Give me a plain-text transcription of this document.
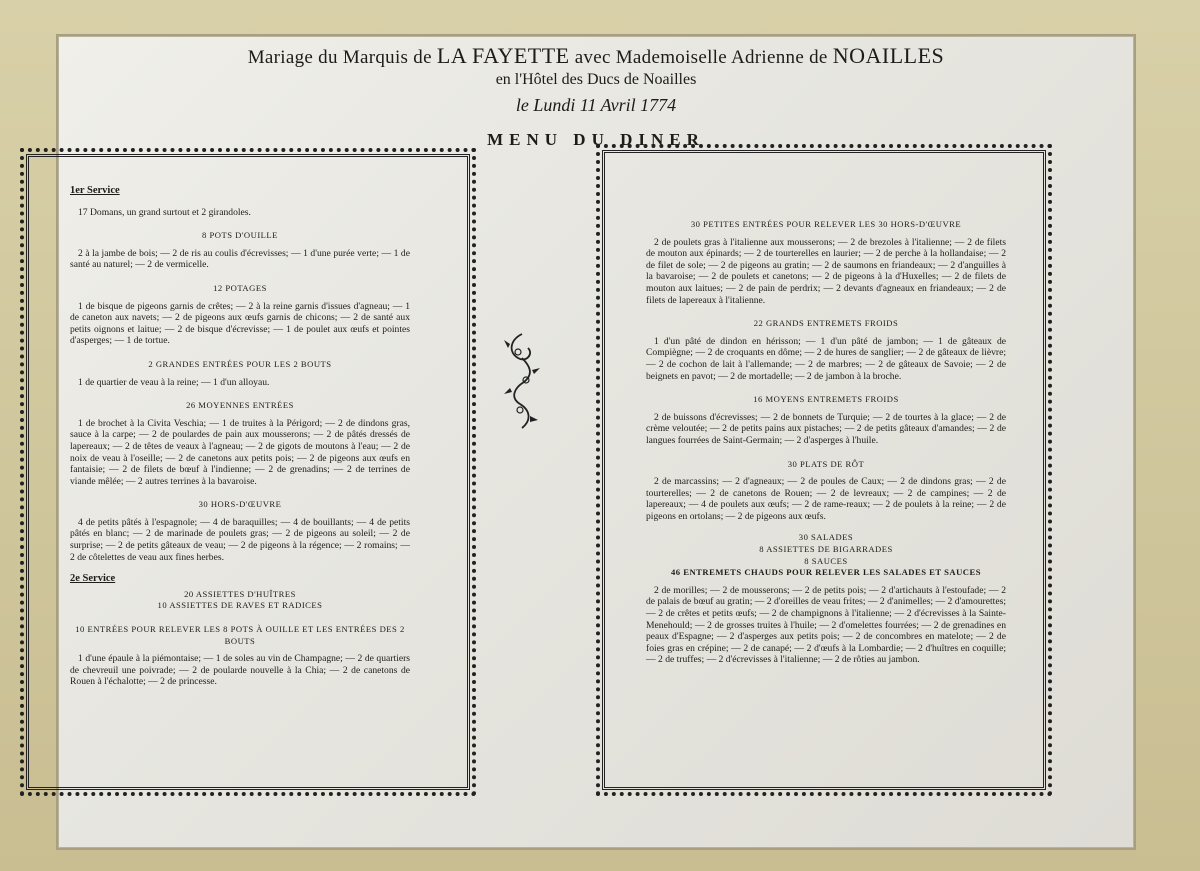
Mariage du Marquis de LA FAYETTE avec Mademoiselle Adrienne de NOAILLES

en l'Hôtel des Ducs de Noailles

le Lundi 11 Avril 1774

MENU DU DINER

1er Service

17 Domans, un grand surtout et 2 girandoles.

8 POTS D'OUILLE

2 à la jambe de bois; — 2 de ris au coulis d'écrevisses; — 1 d'une purée verte; — 1 de santé au naturel; — 2 de vermicelle.

12 POTAGES

1 de bisque de pigeons garnis de crêtes; — 2 à la reine garnis d'issues d'agneau; — 1 de caneton aux navets; — 2 de pigeons aux œufs garnis de chicons; — 2 de santé aux petits oignons et laitue; — 2 de bisque d'écrevisse; — 1 de poulet aux œufs et pointes d'asperges; — 1 de tortue.

2 GRANDES ENTRÉES POUR LES 2 BOUTS

1 de quartier de veau à la reine; — 1 d'un alloyau.

26 MOYENNES ENTRÉES

1 de brochet à la Civita Veschia; — 1 de truites à la Périgord; — 2 de dindons gras, sauce à la carpe; — 2 de poulardes de pain aux mousserons; — 2 de pâtés dressés de lapereaux; — 2 de têtes de veaux à l'agneau; — 2 de gigots de moutons à l'eau; — 2 de noix de veau à l'oseille; — 2 de canetons aux petits pois; — 2 de pigeons aux œufs en fantaisie; — 2 de filets de bœuf à l'indienne; — 2 de grenadins; — 2 de terrines de viande mêlée; — 2 autres terrines à la bavaroise.

30 HORS-D'ŒUVRE

4 de petits pâtés à l'espagnole; — 4 de baraquilles; — 4 de bouillants; — 4 de petits pâtés en blanc; — 2 de marinade de poulets gras; — 2 de pigeons au soleil; — 2 de surprise; — 2 de petits gâteaux de veau; — 2 de pigeons à la régence; — 2 romains; — 2 de côtelettes de veau aux fines herbes.

2e Service

20 ASSIETTES D'HUÎTRES

10 ASSIETTES DE RAVES ET RADICES

10 ENTRÉES POUR RELEVER LES 8 POTS À OUILLE ET LES ENTRÉES DES 2 BOUTS

1 d'une épaule à la piémontaise; — 1 de soles au vin de Champagne; — 2 de quartiers de chevreuil une poivrade; — 2 de poularde nouvelle à la Chia; — 2 de canetons de Rouen à l'échalotte; — 2 de princesse.

30 PETITES ENTRÉES POUR RELEVER LES 30 HORS-D'ŒUVRE

2 de poulets gras à l'italienne aux mousserons; — 2 de brezoles à l'italienne; — 2 de filets de mouton aux épinards; — 2 de tourterelles en laurier; — 2 de perche à la hollandaise; — 2 de filet de sole; — 2 de pigeons au gratin; — 2 de saumons en friandeaux; — 2 d'anguilles à la bavaroise; — 2 de poulets et canetons; — 2 de pigeons à la d'Huxelles; — 2 de filets de mouton aux laitues; — 2 de pain de perdrix; — 2 devants d'agneaux en friandeaux; — 2 de filets de lapereaux à l'italienne.

22 GRANDS ENTREMETS FROIDS

1 d'un pâté de dindon en hérisson; — 1 d'un pâté de jambon; — 1 de gâteaux de Compiègne; — 2 de croquants en dôme; — 2 de hures de sanglier; — 2 de gâteaux de lièvre; — 2 de cochon de lait à l'allemande; — 2 de marbres; — 2 de gâteaux de Savoie; — 2 de beignets en pavot; — 2 de mortadelle; — 2 de jambon à la broche.

16 MOYENS ENTREMETS FROIDS

2 de buissons d'écrevisses; — 2 de bonnets de Turquie; — 2 de tourtes à la glace; — 2 de crème veloutée; — 2 de petits pains aux pistaches; — 2 de petits gâteaux d'amandes; — 2 de langues fourrées de Saint-Germain; — 2 d'asperges à l'huile.

30 PLATS DE RÔT

2 de marcassins; — 2 d'agneaux; — 2 de poules de Caux; — 2 de dindons gras; — 2 de tourterelles; — 2 de canetons de Rouen; — 2 de levreaux; — 2 de campines; — 2 de lapereaux; — 4 de poulets aux œufs; — 2 de rame-reaux; — 2 de poulets à la reine; — 2 de pigeons en ortolans; — 2 de pigeons aux œufs.

30 SALADES

8 ASSIETTES DE BIGARRADES

8 SAUCES

46 ENTREMETS CHAUDS POUR RELEVER LES SALADES ET SAUCES

2 de morilles; — 2 de mousserons; — 2 de petits pois; — 2 d'artichauts à l'estoufade; — 2 de palais de bœuf au gratin; — 2 d'oreilles de veau frites; — 2 d'animelles; — 2 d'amourettes; — 2 de crêtes et petits œufs; — 2 de champignons à l'italienne; — 2 d'écrevisses à la Sainte-Menehould; — 2 de grosses truites à l'huile; — 2 d'omelettes fourrées; — 2 de grenadines en peaux d'Espagne; — 2 d'asperges aux petits pois; — 2 de concombres en matelote; — 2 de foies gras en crépine; — 2 de canapé; — 2 d'œufs à la Lombardie; — 2 d'huîtres en coquille; — 2 de truffes; — 2 d'écrevisses à l'italienne; — 2 de rôties au jambon.
